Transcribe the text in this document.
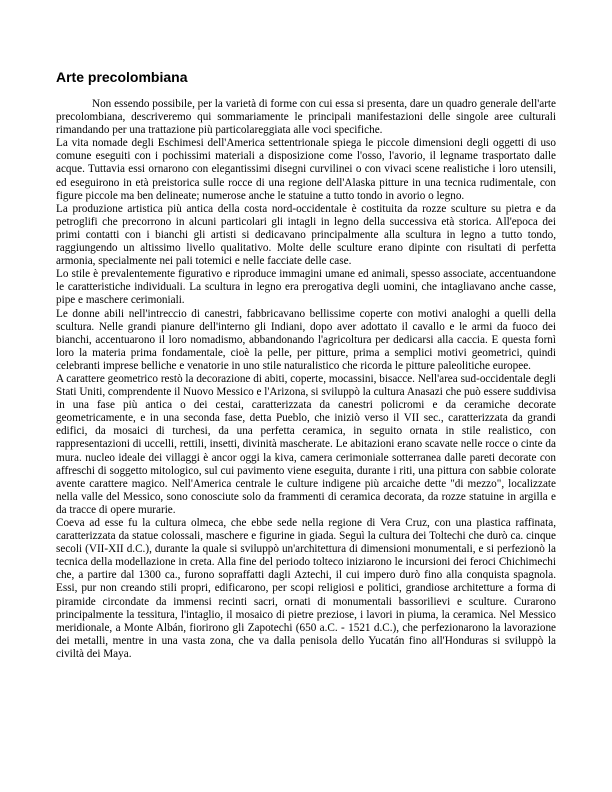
Arte precolombiana

Non essendo possibile, per la varietà di forme con cui essa si presenta, dare un quadro generale dell'arte precolombiana, descriveremo qui sommariamente le principali manifestazioni delle singole aree culturali rimandando per una trattazione più particolareggiata alle voci specifiche.

La vita nomade degli Eschimesi dell'America settentrionale spiega le piccole dimensioni degli oggetti di uso comune eseguiti con i pochissimi materiali a disposizione come l'osso, l'avorio, il legname trasportato dalle acque. Tuttavia essi ornarono con elegantissimi disegni curvilinei o con vivaci scene realistiche i loro utensili, ed eseguirono in età preistorica sulle rocce di una regione dell'Alaska pitture in una tecnica rudimentale, con figure piccole ma ben delineate; numerose anche le statuine a tutto tondo in avorio o legno.

La produzione artistica più antica della costa nord-occidentale è costituita da rozze sculture su pietra e da petroglifi che precorrono in alcuni particolari gli intagli in legno della successiva età storica. All'epoca dei primi contatti con i bianchi gli artisti si dedicavano principalmente alla scultura in legno a tutto tondo, raggiungendo un altissimo livello qualitativo. Molte delle sculture erano dipinte con risultati di perfetta armonia, specialmente nei pali totemici e nelle facciate delle case.

Lo stile è prevalentemente figurativo e riproduce immagini umane ed animali, spesso associate, accentuandone le caratteristiche individuali. La scultura in legno era prerogativa degli uomini, che intagliavano anche casse, pipe e maschere cerimoniali.

Le donne abili nell'intreccio di canestri, fabbricavano bellissime coperte con motivi analoghi a quelli della scultura. Nelle grandi pianure dell'interno gli Indiani, dopo aver adottato il cavallo e le armi da fuoco dei bianchi, accentuarono il loro nomadismo, abbandonando l'agricoltura per dedicarsi alla caccia. E questa fornì loro la materia prima fondamentale, cioè la pelle, per pitture, prima a semplici motivi geometrici, quindi celebranti imprese belliche e venatorie in uno stile naturalistico che ricorda le pitture paleolitiche europee.

A carattere geometrico restò la decorazione di abiti, coperte, mocassini, bisacce. Nell'area sud-occidentale degli Stati Uniti, comprendente il Nuovo Messico e l'Arizona, si sviluppò la cultura Anasazi che può essere suddivisa in una fase più antica o dei cestai, caratterizzata da canestri policromi e da ceramiche decorate geometricamente, e in una seconda fase, detta Pueblo, che iniziò verso il VII sec., caratterizzata da grandi edifici, da mosaici di turchesi, da una perfetta ceramica, in seguito ornata in stile realistico, con rappresentazioni di uccelli, rettili, insetti, divinità mascherate. Le abitazioni erano scavate nelle rocce o cinte da mura. nucleo ideale dei villaggi è ancor oggi la kiva, camera cerimoniale sotterranea dalle pareti decorate con affreschi di soggetto mitologico, sul cui pavimento viene eseguita, durante i riti, una pittura con sabbie colorate avente carattere magico. Nell'America centrale le culture indigene più arcaiche dette "di mezzo", localizzate nella valle del Messico, sono conosciute solo da frammenti di ceramica decorata, da rozze statuine in argilla e da tracce di opere murarie.

Coeva ad esse fu la cultura olmeca, che ebbe sede nella regione di Vera Cruz, con una plastica raffinata, caratterizzata da statue colossali, maschere e figurine in giada. Seguì la cultura dei Toltechi che durò ca. cinque secoli (VII-XII d.C.), durante la quale si sviluppò un'architettura di dimensioni monumentali, e si perfezionò la tecnica della modellazione in creta. Alla fine del periodo tolteco iniziarono le incursioni dei feroci Chichimechi che, a partire dal 1300 ca., furono sopraffatti dagli Aztechi, il cui impero durò fino alla conquista spagnola. Essi, pur non creando stili propri, edificarono, per scopi religiosi e politici, grandiose architetture a forma di piramide circondate da immensi recinti sacri, ornati di monumentali bassorilievi e sculture. Curarono principalmente la tessitura, l'intaglio, il mosaico di pietre preziose, i lavori in piuma, la ceramica. Nel Messico meridionale, a Monte Albán, fiorirono gli Zapotechi (650 a.C. - 1521 d.C.), che perfezionarono la lavorazione dei metalli, mentre in una vasta zona, che va dalla penisola dello Yucatán fino all'Honduras si sviluppò la civiltà dei Maya.
